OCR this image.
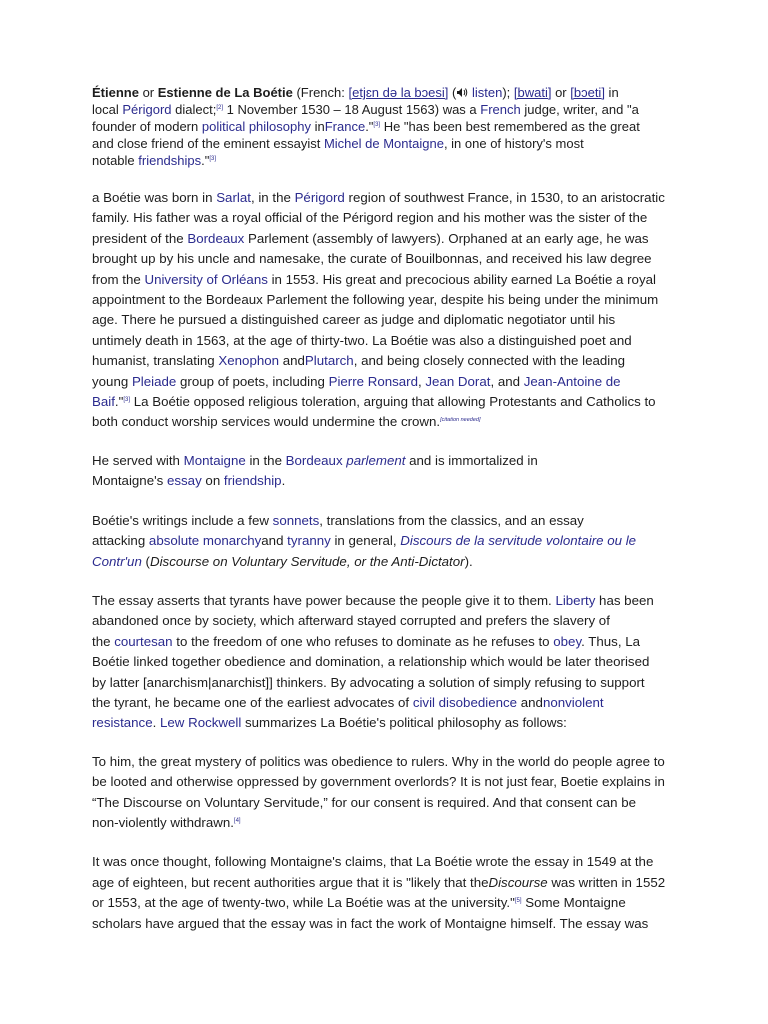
Étienne or Estienne de La Boétie (French: [etjɛn də la bɔesi] ( listen); [bwati] or [bɔeti] in
local Périgord dialect;[2] 1 November 1530 – 18 August 1563) was a French judge, writer, and "a
founder of modern political philosophy inFrance."[3] He "has been best remembered as the great
and close friend of the eminent essayist Michel de Montaigne, in one of history's most
notable friendships."[3]

a Boétie was born in Sarlat, in the Périgord region of southwest France, in 1530, to an aristocratic
family. His father was a royal official of the Périgord region and his mother was the sister of the
president of the Bordeaux Parlement (assembly of lawyers). Orphaned at an early age, he was
brought up by his uncle and namesake, the curate of Bouilbonnas, and received his law degree
from the University of Orléans in 1553. His great and precocious ability earned La Boétie a royal
appointment to the Bordeaux Parlement the following year, despite his being under the minimum
age. There he pursued a distinguished career as judge and diplomatic negotiator until his
untimely death in 1563, at the age of thirty-two. La Boétie was also a distinguished poet and
humanist, translating Xenophon andPlutarch, and being closely connected with the leading
young Pleiade group of poets, including Pierre Ronsard, Jean Dorat, and Jean-Antoine de
Baif."[3] La Boétie opposed religious toleration, arguing that allowing Protestants and Catholics to
both conduct worship services would undermine the crown.[citation needed]

He served with Montaigne in the Bordeaux parlement and is immortalized in
Montaigne's essay on friendship.

Boétie's writings include a few sonnets, translations from the classics, and an essay
attacking absolute monarchyand tyranny in general, Discours de la servitude volontaire ou le
Contr'un (Discourse on Voluntary Servitude, or the Anti-Dictator).

The essay asserts that tyrants have power because the people give it to them. Liberty has been
abandoned once by society, which afterward stayed corrupted and prefers the slavery of
the courtesan to the freedom of one who refuses to dominate as he refuses to obey. Thus, La
Boétie linked together obedience and domination, a relationship which would be later theorised
by latter [anarchism|anarchist]] thinkers. By advocating a solution of simply refusing to support
the tyrant, he became one of the earliest advocates of civil disobedience andnonviolent
resistance. Lew Rockwell summarizes La Boétie's political philosophy as follows:

To him, the great mystery of politics was obedience to rulers. Why in the world do people agree to
be looted and otherwise oppressed by government overlords? It is not just fear, Boetie explains in
“The Discourse on Voluntary Servitude,” for our consent is required. And that consent can be
non-violently withdrawn.[4]

It was once thought, following Montaigne's claims, that La Boétie wrote the essay in 1549 at the
age of eighteen, but recent authorities argue that it is "likely that theDiscourse was written in 1552
or 1553, at the age of twenty-two, while La Boétie was at the university."[5] Some Montaigne
scholars have argued that the essay was in fact the work of Montaigne himself. The essay was
